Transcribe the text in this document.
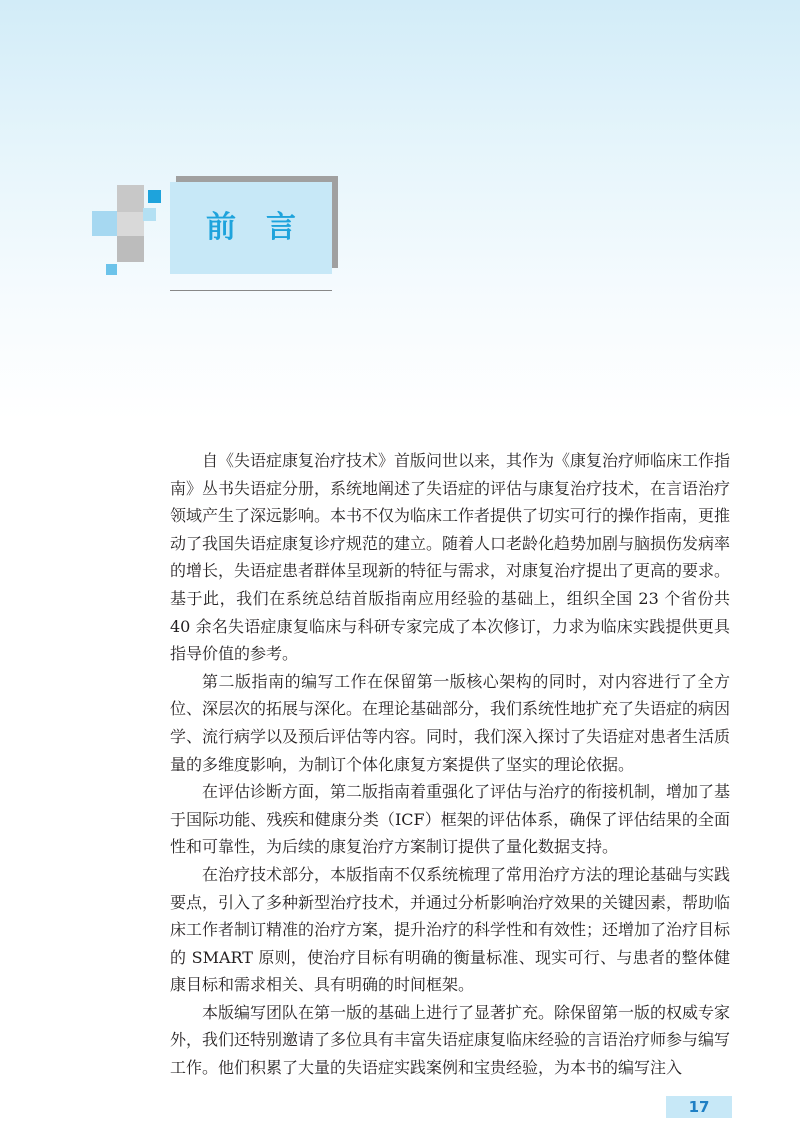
前言

自《失语症康复治疗技术》首版问世以来，其作为《康复治疗师临床工作指南》丛书失语症分册，系统地阐述了失语症的评估与康复治疗技术，在言语治疗领域产生了深远影响。本书不仅为临床工作者提供了切实可行的操作指南，更推动了我国失语症康复诊疗规范的建立。随着人口老龄化趋势加剧与脑损伤发病率的增长，失语症患者群体呈现新的特征与需求，对康复治疗提出了更高的要求。基于此，我们在系统总结首版指南应用经验的基础上，组织全国 23 个省份共 40 余名失语症康复临床与科研专家完成了本次修订，力求为临床实践提供更具指导价值的参考。

第二版指南的编写工作在保留第一版核心架构的同时，对内容进行了全方位、深层次的拓展与深化。在理论基础部分，我们系统性地扩充了失语症的病因学、流行病学以及预后评估等内容。同时，我们深入探讨了失语症对患者生活质量的多维度影响，为制订个体化康复方案提供了坚实的理论依据。

在评估诊断方面，第二版指南着重强化了评估与治疗的衔接机制，增加了基于国际功能、残疾和健康分类（ICF）框架的评估体系，确保了评估结果的全面性和可靠性，为后续的康复治疗方案制订提供了量化数据支持。

在治疗技术部分，本版指南不仅系统梳理了常用治疗方法的理论基础与实践要点，引入了多种新型治疗技术，并通过分析影响治疗效果的关键因素，帮助临床工作者制订精准的治疗方案，提升治疗的科学性和有效性；还增加了治疗目标的 SMART 原则，使治疗目标有明确的衡量标准、现实可行、与患者的整体健康目标和需求相关、具有明确的时间框架。

本版编写团队在第一版的基础上进行了显著扩充。除保留第一版的权威专家外，我们还特别邀请了多位具有丰富失语症康复临床经验的言语治疗师参与编写工作。他们积累了大量的失语症实践案例和宝贵经验，为本书的编写注入

17
